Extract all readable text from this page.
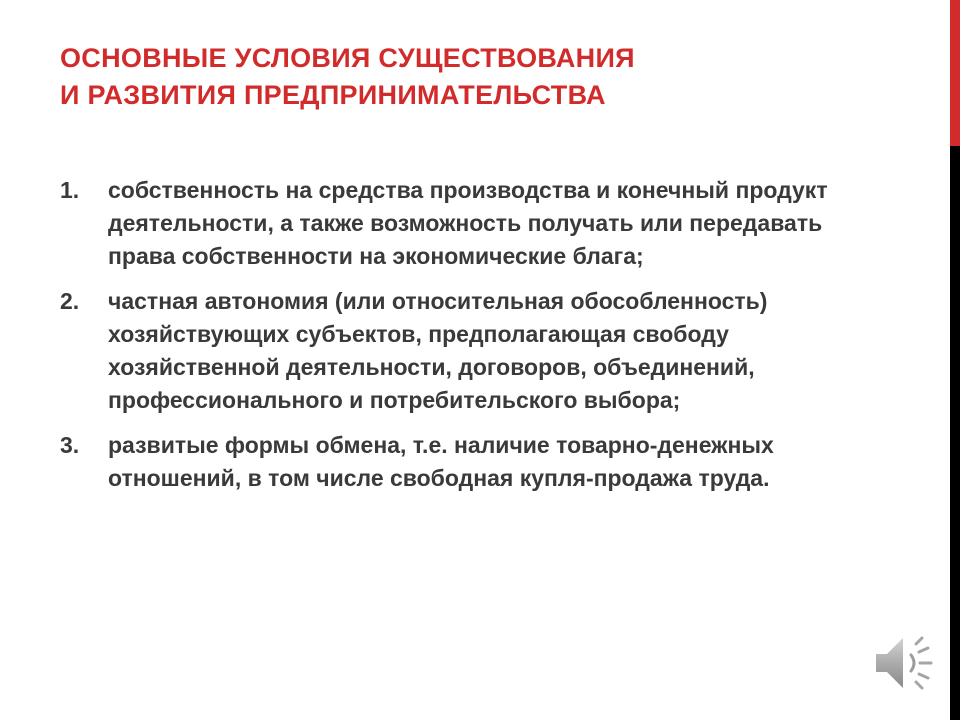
ОСНОВНЫЕ УСЛОВИЯ СУЩЕСТВОВАНИЯ
И РАЗВИТИЯ ПРЕДПРИНИМАТЕЛЬСТВА
1. собственность на средства производства и конечный продукт деятельности, а также возможность получать или передавать права собственности на экономические блага;
2. частная автономия (или относительная обособленность) хозяйствующих субъектов, предполагающая свободу хозяйственной деятельности, договоров, объединений, профессионального и потребительского выбора;
3. развитые формы обмена, т.е. наличие товарно-денежных отношений, в том числе свободная купля-продажа труда.
